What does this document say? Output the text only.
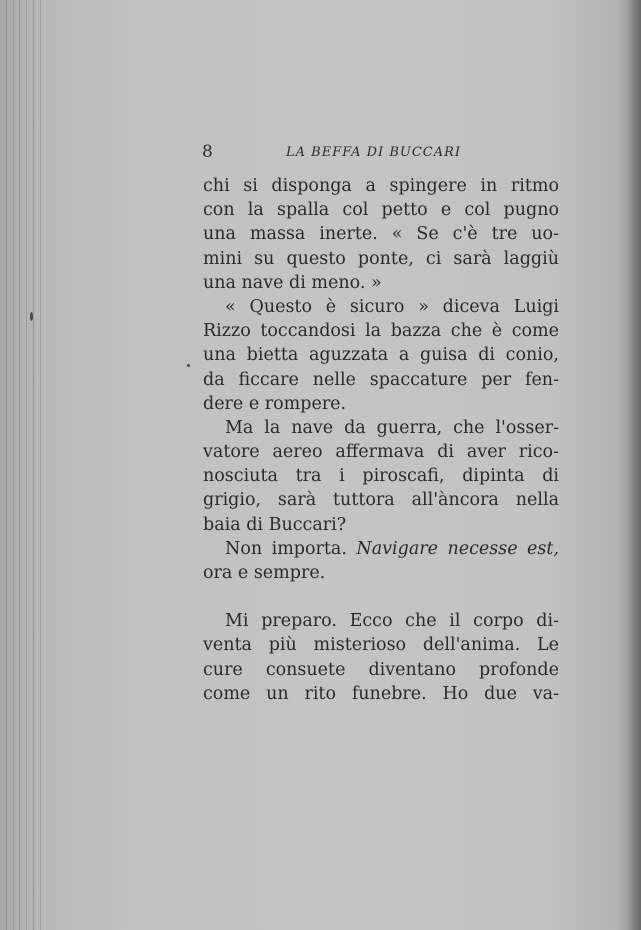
8	LA BEFFA DI BUCCARI
chi si disponga a spingere in ritmo
con la spalla col petto e col pugno
una massa inerte. « Se c'è tre uo-
mini su questo ponte, ci sarà laggiù
una nave di meno. »
« Questo è sicuro » diceva Luigi
Rizzo toccandosi la bazza che è come
una bietta aguzzata a guisa di conio,
da ficcare nelle spaccature per fen-
dere e rompere.
Ma la nave da guerra, che l'osser-
vatore aereo affermava di aver rico-
nosciuta tra i piroscafi, dipinta di
grigio, sarà tuttora all'àncora nella
baia di Buccari?
Non importa. Navigare necesse est,
ora e sempre.
Mi preparo. Ecco che il corpo di-
venta più misterioso dell'anima. Le
cure consuete diventano profonde
come un rito funebre. Ho due va-
